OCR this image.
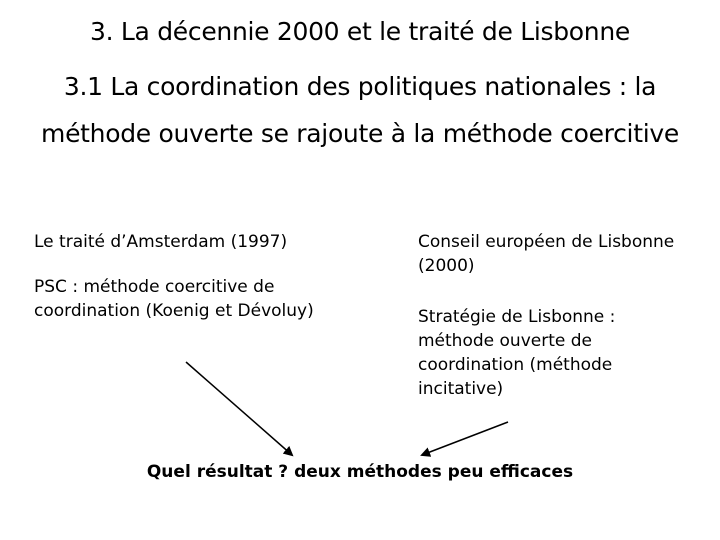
3. La décennie 2000 et le traité de Lisbonne
3.1 La coordination des politiques nationales : la
méthode ouverte se rajoute à la méthode coercitive
Le traité d’Amsterdam (1997)
PSC : méthode coercitive de coordination (Koenig et Dévoluy)
Conseil européen de Lisbonne (2000)
Stratégie de Lisbonne : méthode ouverte de coordination (méthode incitative)
Quel résultat ? deux méthodes peu efficaces
